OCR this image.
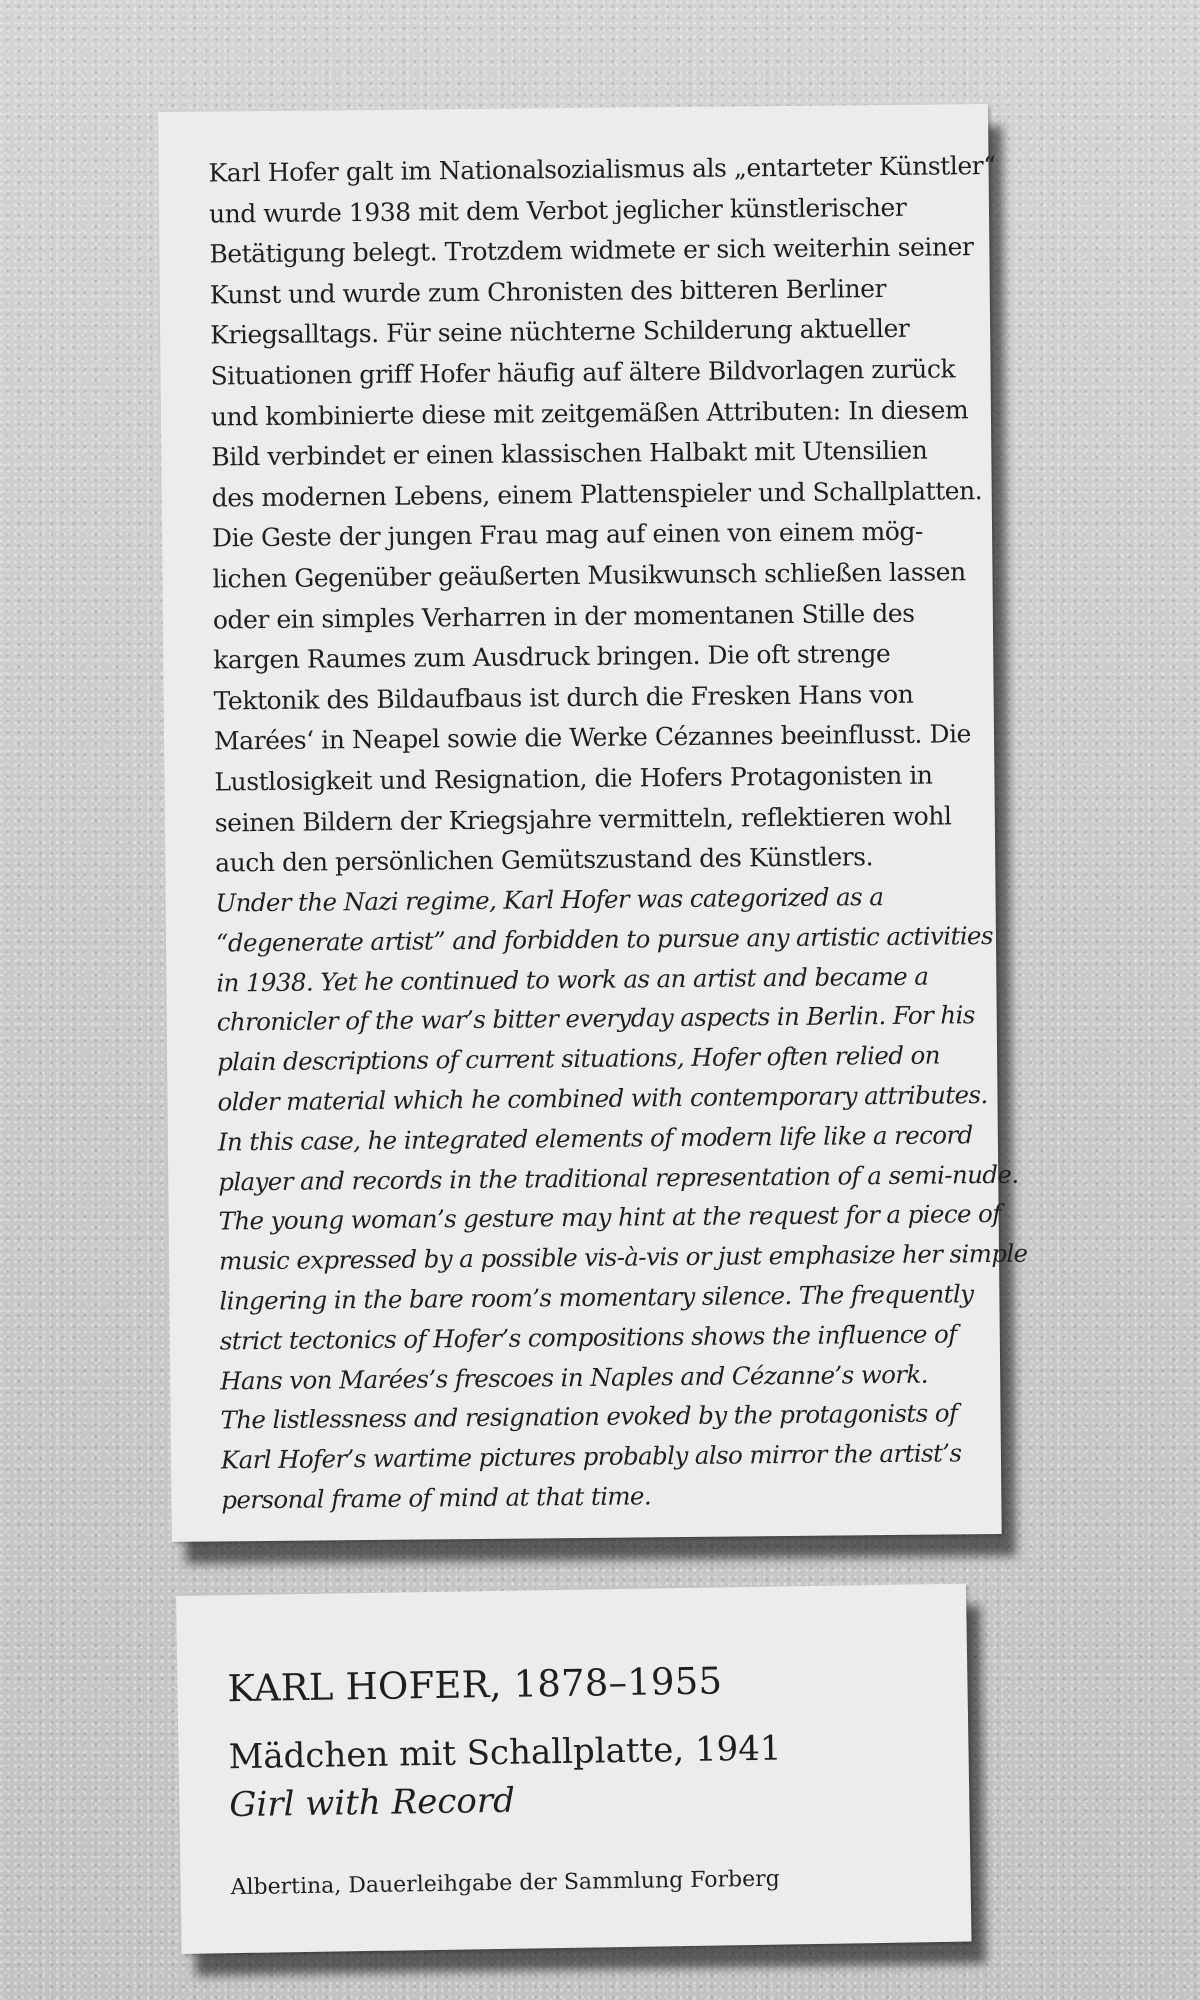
Karl Hofer galt im Nationalsozialismus als „entarteter Künstler“
und wurde 1938 mit dem Verbot jeglicher künstlerischer
Betätigung belegt. Trotzdem widmete er sich weiterhin seiner
Kunst und wurde zum Chronisten des bitteren Berliner
Kriegsalltags. Für seine nüchterne Schilderung aktueller
Situationen griff Hofer häufig auf ältere Bildvorlagen zurück
und kombinierte diese mit zeitgemäßen Attributen: In diesem
Bild verbindet er einen klassischen Halbakt mit Utensilien
des modernen Lebens, einem Plattenspieler und Schallplatten.
Die Geste der jungen Frau mag auf einen von einem mög-
lichen Gegenüber geäußerten Musikwunsch schließen lassen
oder ein simples Verharren in der momentanen Stille des
kargen Raumes zum Ausdruck bringen. Die oft strenge
Tektonik des Bildaufbaus ist durch die Fresken Hans von
Marées‘ in Neapel sowie die Werke Cézannes beeinflusst. Die
Lustlosigkeit und Resignation, die Hofers Protagonisten in
seinen Bildern der Kriegsjahre vermitteln, reflektieren wohl
auch den persönlichen Gemütszustand des Künstlers.
Under the Nazi regime, Karl Hofer was categorized as a
“degenerate artist” and forbidden to pursue any artistic activities
in 1938. Yet he continued to work as an artist and became a
chronicler of the war’s bitter everyday aspects in Berlin. For his
plain descriptions of current situations, Hofer often relied on
older material which he combined with contemporary attributes.
In this case, he integrated elements of modern life like a record
player and records in the traditional representation of a semi-nude.
The young woman’s gesture may hint at the request for a piece of
music expressed by a possible vis-à-vis or just emphasize her simple
lingering in the bare room’s momentary silence. The frequently
strict tectonics of Hofer’s compositions shows the influence of
Hans von Marées’s frescoes in Naples and Cézanne’s work.
The listlessness and resignation evoked by the protagonists of
Karl Hofer’s wartime pictures probably also mirror the artist’s
personal frame of mind at that time.
KARL HOFER, 1878–1955
Mädchen mit Schallplatte, 1941
Girl with Record
Albertina, Dauerleihgabe der Sammlung Forberg
